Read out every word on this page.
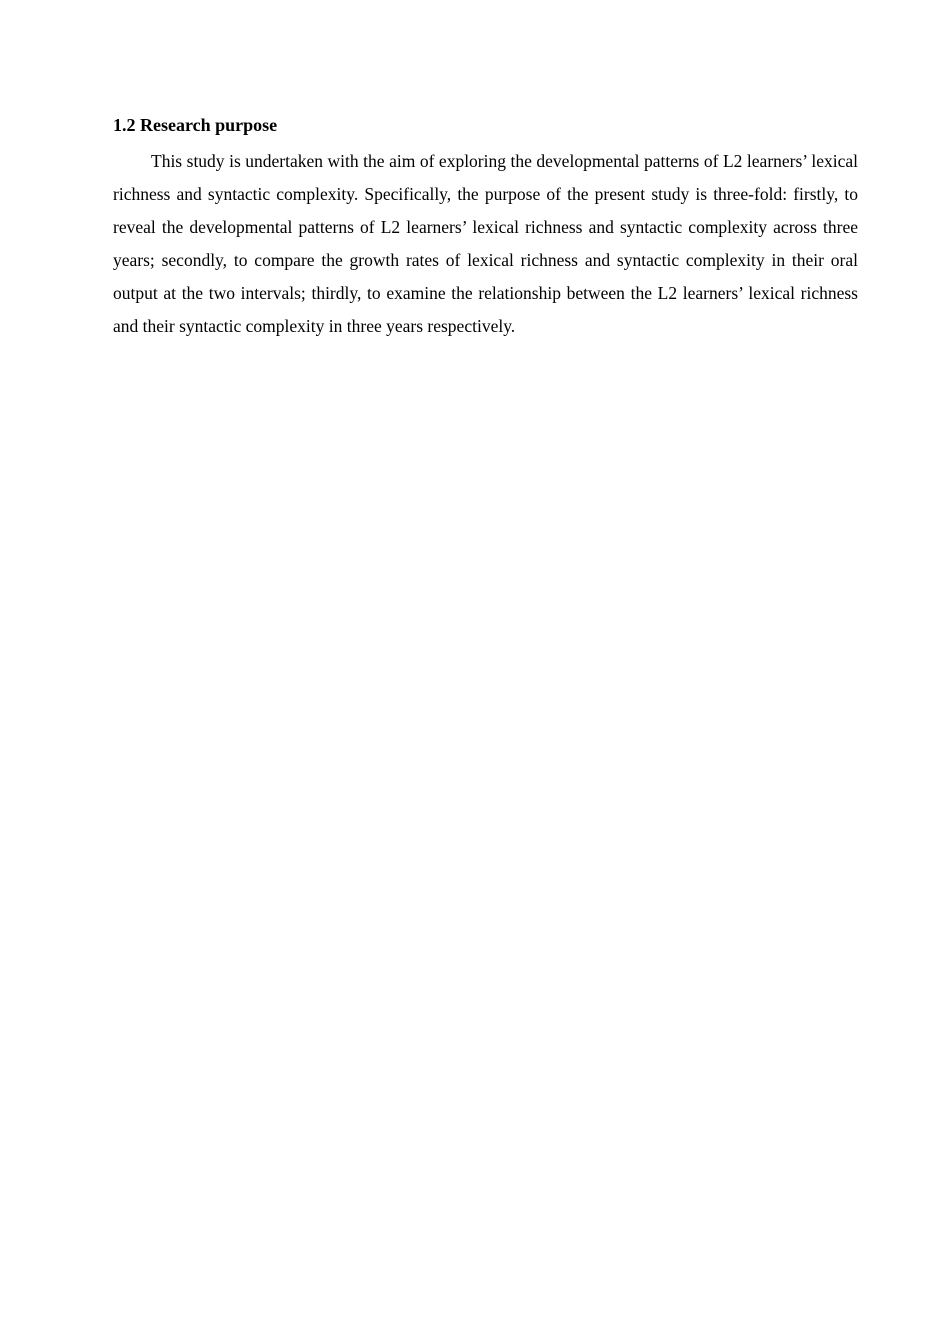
1.2 Research purpose

This study is undertaken with the aim of exploring the developmental patterns of L2 learners’ lexical richness and syntactic complexity. Specifically, the purpose of the present study is three-fold: firstly, to reveal the developmental patterns of L2 learners’ lexical richness and syntactic complexity across three years; secondly, to compare the growth rates of lexical richness and syntactic complexity in their oral output at the two intervals; thirdly, to examine the relationship between the L2 learners’ lexical richness and their syntactic complexity in three years respectively.
